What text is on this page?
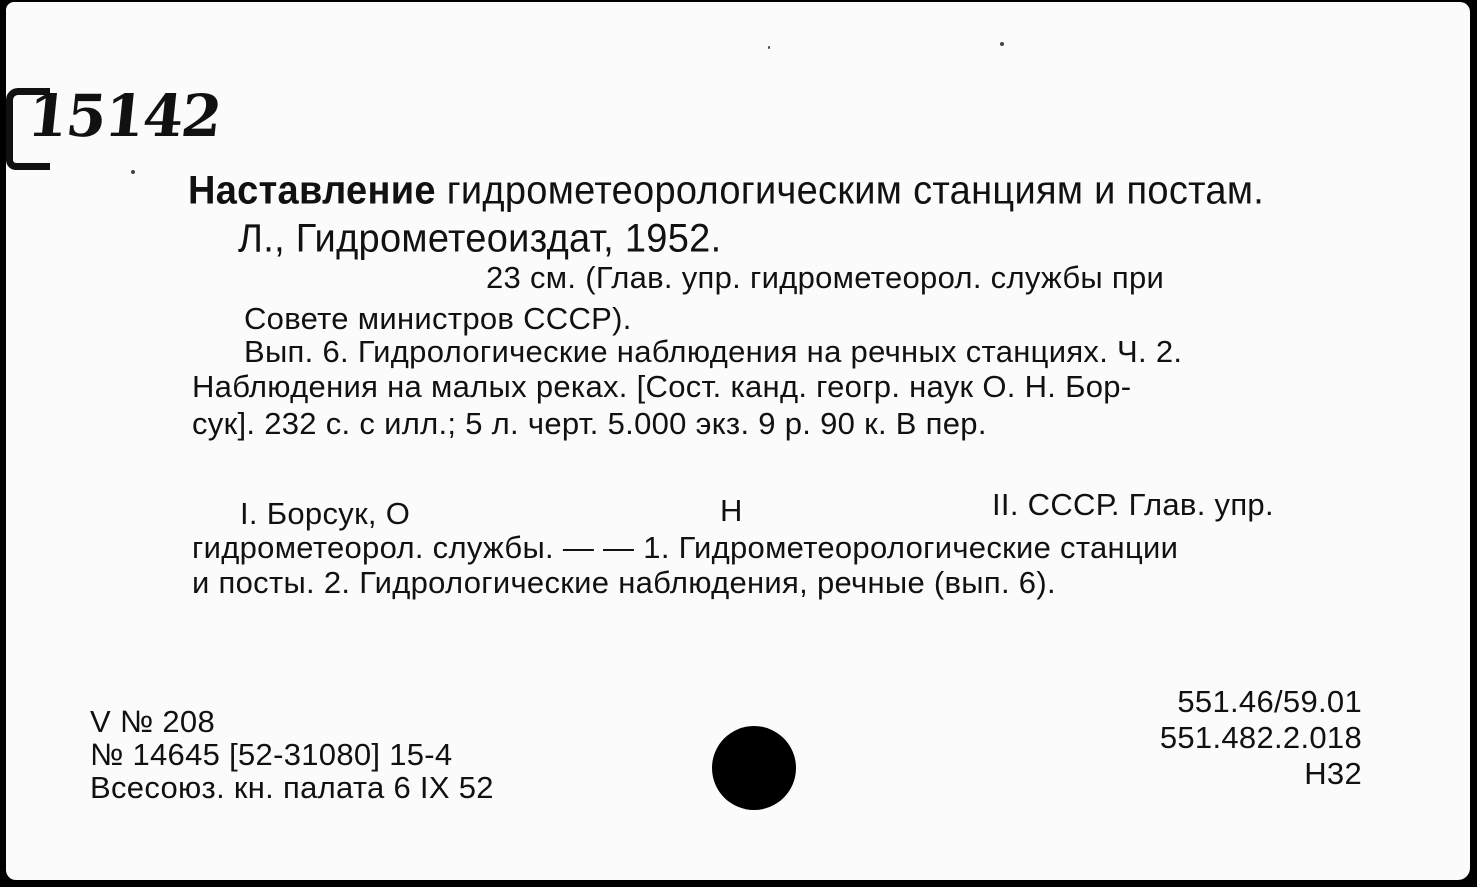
15142
Наставление гидрометеорологическим станциям и постам.
Л., Гидрометеоиздат, 1952.
23 см. (Глав. упр. гидрометеорол. службы при
Совете министров СССР).
Вып. 6. Гидрологические наблюдения на речных станциях. Ч. 2.
Наблюдения на малых реках. [Сост. канд. геогр. наук О. Н. Бор-
сук]. 232 с. с илл.; 5 л. черт. 5.000 экз. 9 р. 90 к. В пер.
I. Борсук, О	Н	II. СССР. Глав. упр.
гидрометеорол. службы. — — 1. Гидрометеорологические станции
и посты. 2. Гидрологические наблюдения, речные (вып. 6).
V № 208
№ 14645 [52-31080] 15-4
Всесоюз. кн. палата 6 IX 52
551.46/59.01
551.482.2.018
Н32
